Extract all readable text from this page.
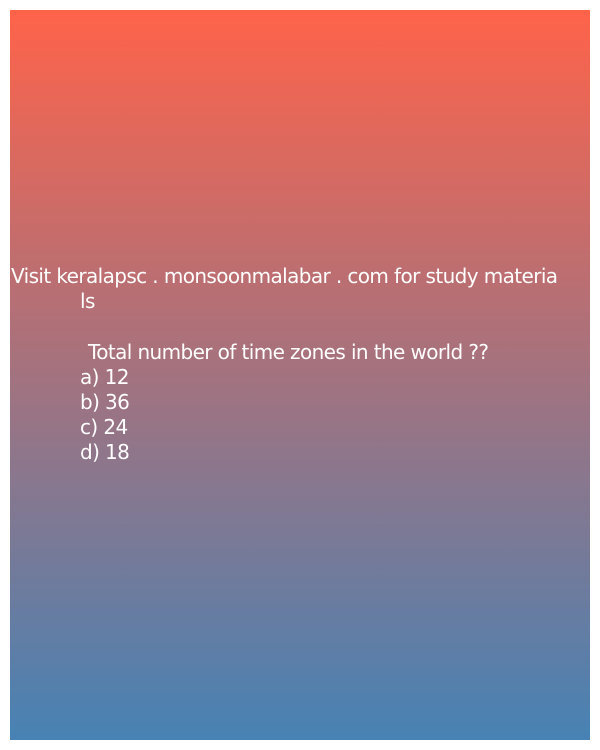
Visit keralapsc . monsoonmalabar . com for study materia
ls
Total number of time zones in the world ??
a) 12
b) 36
c) 24
d) 18
